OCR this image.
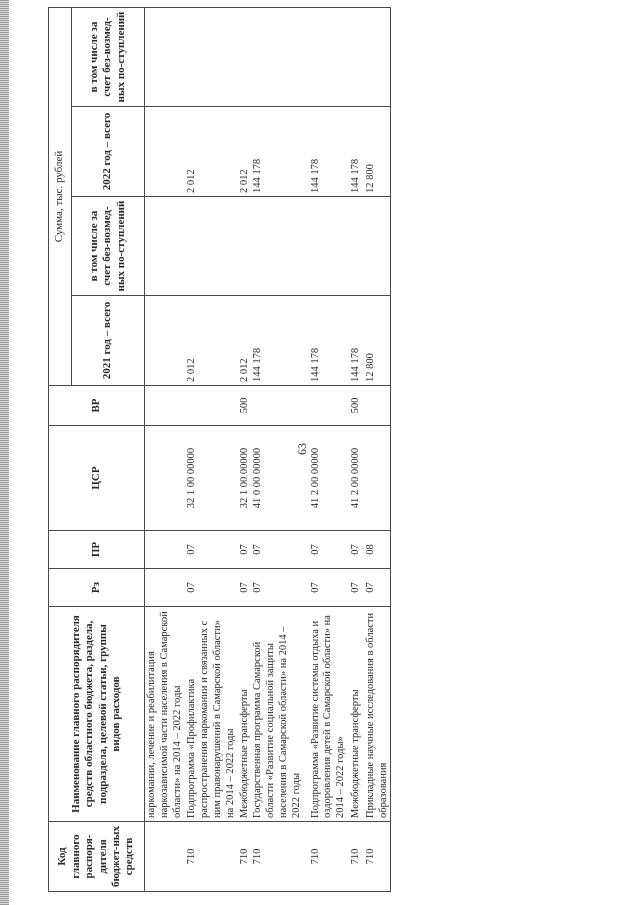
63
Код главного распоря-дителя бюджет-ных средств	Наименование главного распорядителя средств областного бюджета, раздела, подраздела, целевой статьи, группы видов расходов	Рз	ПР	ЦСР	ВР	Сумма, тыс. рублей			
						2021 год – всего	в том числе за счет без-возмед-ных по-ступлений	2022 год – всего	в том числе за счет без-возмед-ных по-ступлений
	наркомании, лечение и реабилитация наркозависимой части населения в Самарской области» на 2014 – 2022 годы								
710	Подпрограмма «Профилактика распространения наркомании и связанных с ним правонарушений в Самарской области» на 2014 – 2022 годы	07	07	32 1 00 00000		2 012		2 012	
710	Межбюджетные трансферты	07	07	32 1 00 00000	500	2 012		2 012	
710	Государственная программа Самарской области «Развитие социальной защиты населения в Самарской области» на 2014 – 2022 годы	07	07	41 0 00 00000		144 178		144 178	
710	Подпрограмма «Развитие системы отдыха и оздоровления детей в Самарской области» на 2014 – 2022 годы»	07	07	41 2 00 00000		144 178		144 178	
710	Межбюджетные трансферты	07	07	41 2 00 00000	500	144 178		144 178	
710	Прикладные научные исследования в области образования	07	08			12 800		12 800	
